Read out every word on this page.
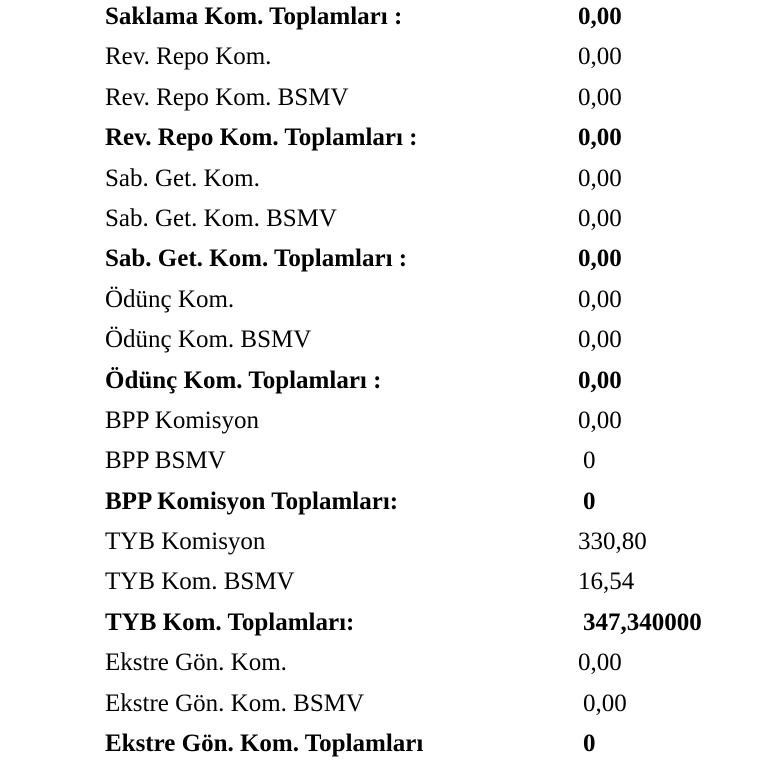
Saklama Kom. Toplamları :	0,00
Rev. Repo Kom.	0,00
Rev. Repo Kom. BSMV	0,00
Rev. Repo Kom. Toplamları :	0,00
Sab. Get. Kom.	0,00
Sab. Get. Kom. BSMV	0,00
Sab. Get. Kom. Toplamları :	0,00
Ödünç Kom.	0,00
Ödünç Kom. BSMV	0,00
Ödünç Kom. Toplamları :	0,00
BPP Komisyon	0,00
BPP BSMV	0
BPP Komisyon Toplamları:	0
TYB Komisyon	330,80
TYB Kom. BSMV	16,54
TYB Kom. Toplamları:	347,340000
Ekstre Gön. Kom.	0,00
Ekstre Gön. Kom. BSMV	0,00
Ekstre Gön. Kom. Toplamları	0
